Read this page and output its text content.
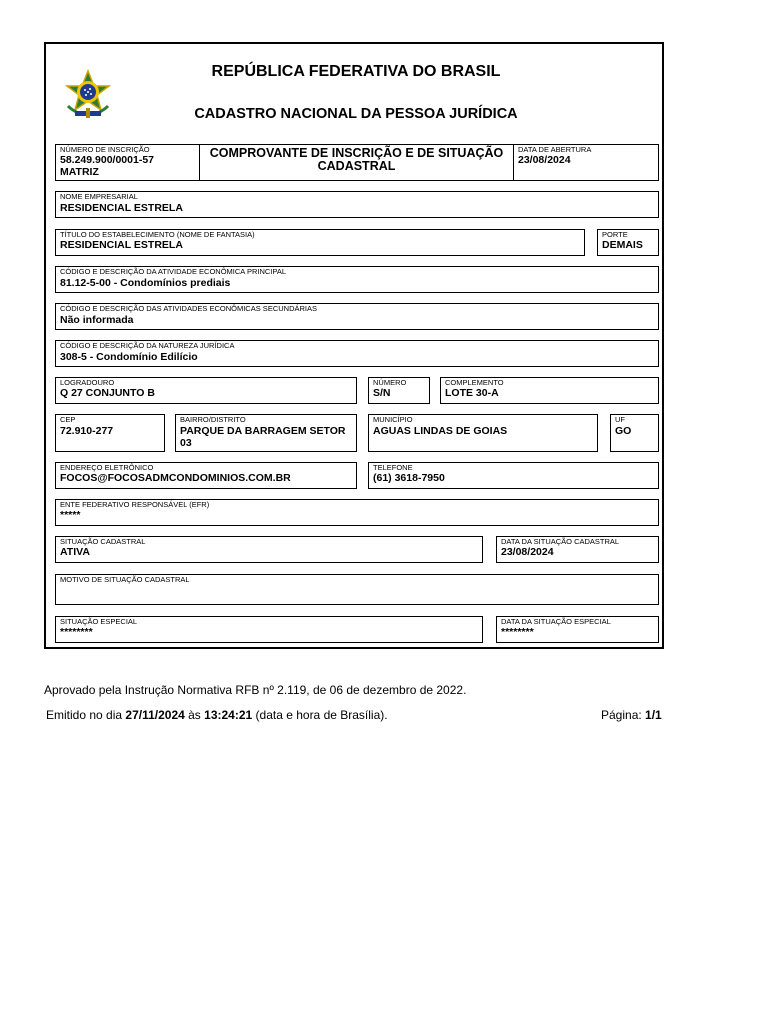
REPÚBLICA FEDERATIVA DO BRASIL
CADASTRO NACIONAL DA PESSOA JURÍDICA
NÚMERO DE INSCRIÇÃO
58.249.900/0001-57
MATRIZ
COMPROVANTE DE INSCRIÇÃO E DE SITUAÇÃO
CADASTRAL
DATA DE ABERTURA
23/08/2024
NOME EMPRESARIAL
RESIDENCIAL ESTRELA
TÍTULO DO ESTABELECIMENTO (NOME DE FANTASIA)
RESIDENCIAL ESTRELA
PORTE
DEMAIS
CÓDIGO E DESCRIÇÃO DA ATIVIDADE ECONÔMICA PRINCIPAL
81.12-5-00 - Condomínios prediais
CÓDIGO E DESCRIÇÃO DAS ATIVIDADES ECONÔMICAS SECUNDÁRIAS
Não informada
CÓDIGO E DESCRIÇÃO DA NATUREZA JURÍDICA
308-5 - Condomínio Edilício
LOGRADOURO
Q 27 CONJUNTO B
NÚMERO
S/N
COMPLEMENTO
LOTE 30-A
CEP
72.910-277
BAIRRO/DISTRITO
PARQUE DA BARRAGEM SETOR 03
MUNICÍPIO
AGUAS LINDAS DE GOIAS
UF
GO
ENDEREÇO ELETRÔNICO
FOCOS@FOCOSADMCONDOMINIOS.COM.BR
TELEFONE
(61) 3618-7950
ENTE FEDERATIVO RESPONSÁVEL (EFR)
*****
SITUAÇÃO CADASTRAL
ATIVA
DATA DA SITUAÇÃO CADASTRAL
23/08/2024
MOTIVO DE SITUAÇÃO CADASTRAL
SITUAÇÃO ESPECIAL
********
DATA DA SITUAÇÃO ESPECIAL
********
Aprovado pela Instrução Normativa RFB nº 2.119, de 06 de dezembro de 2022.
Emitido no dia 27/11/2024 às 13:24:21 (data e hora de Brasília).	Página: 1/1
